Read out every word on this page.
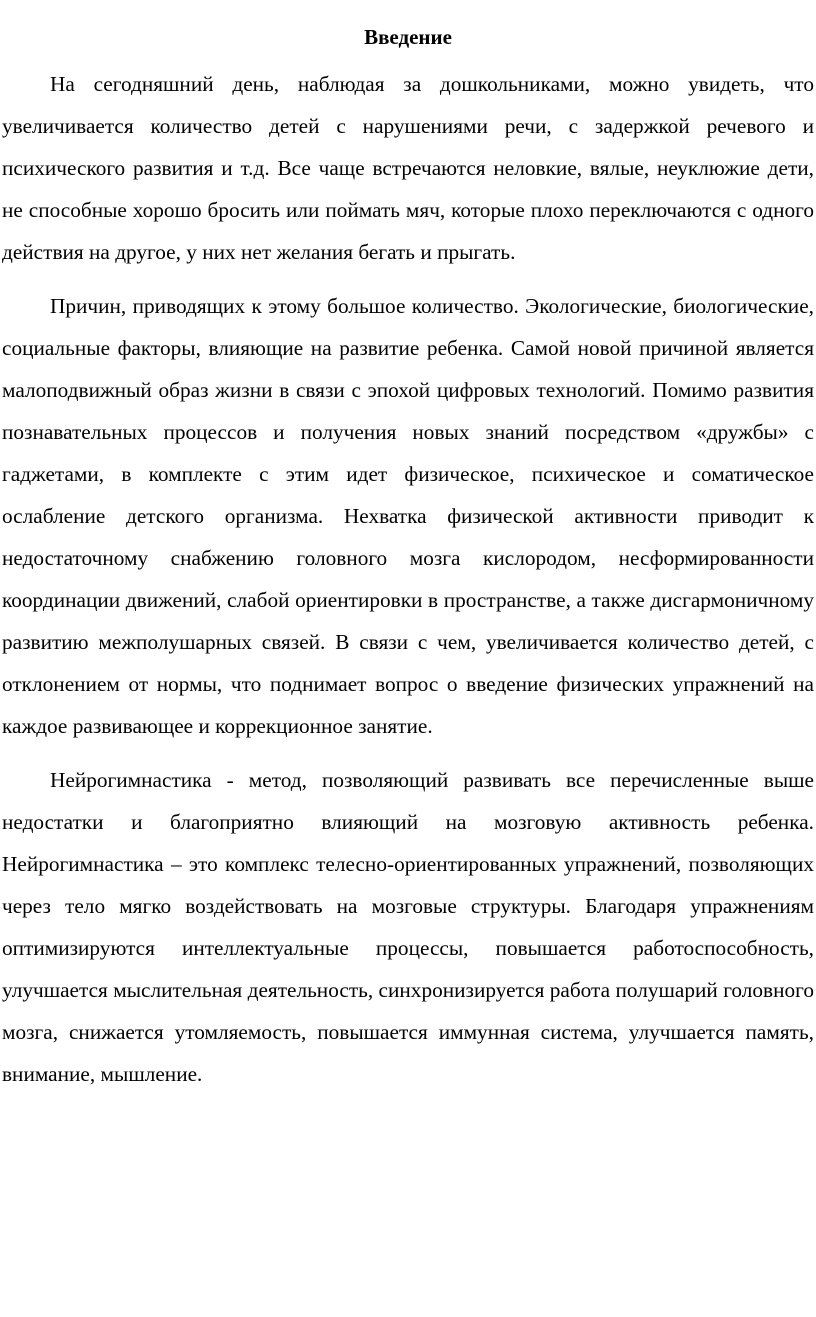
Введение

На сегодняшний день, наблюдая за дошкольниками, можно увидеть, что увеличивается количество детей с нарушениями речи, с задержкой речевого и психического развития и т.д. Все чаще встречаются неловкие, вялые, неуклюжие дети, не способные хорошо бросить или поймать мяч, которые плохо переключаются с одного действия на другое, у них нет желания бегать и прыгать.

Причин, приводящих к этому большое количество. Экологические, биологические, социальные факторы, влияющие на развитие ребенка. Самой новой причиной является малоподвижный образ жизни в связи с эпохой цифровых технологий. Помимо развития познавательных процессов и получения новых знаний посредством «дружбы» с гаджетами, в комплекте с этим идет физическое, психическое и соматическое ослабление детского организма. Нехватка физической активности приводит к недостаточному снабжению головного мозга кислородом, несформированности координации движений, слабой ориентировки в пространстве, а также дисгармоничному развитию межполушарных связей. В связи с чем, увеличивается количество детей, с отклонением от нормы, что поднимает вопрос о введение физических упражнений на каждое развивающее и коррекционное занятие.

Нейрогимнастика - метод, позволяющий развивать все перечисленные выше недостатки и благоприятно влияющий на мозговую активность ребенка. Нейрогимнастика – это комплекс телесно-ориентированных упражнений, позволяющих через тело мягко воздействовать на мозговые структуры. Благодаря упражнениям оптимизируются интеллектуальные процессы, повышается работоспособность, улучшается мыслительная деятельность, синхронизируется работа полушарий головного мозга, снижается утомляемость, повышается иммунная система, улучшается память, внимание, мышление.
